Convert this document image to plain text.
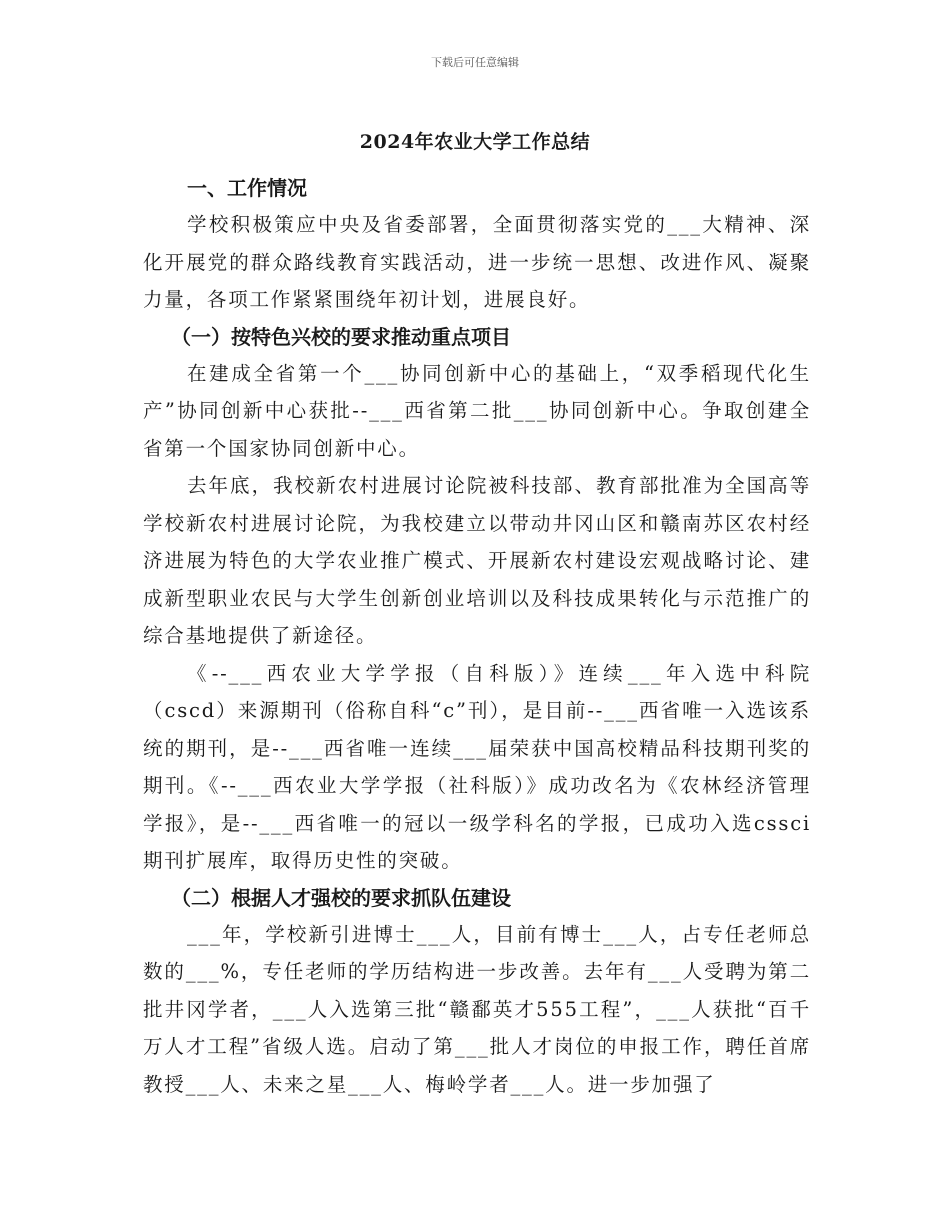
下载后可任意编辑
2024年农业大学工作总结

一、工作情况

学校积极策应中央及省委部署，全面贯彻落实党的___大精神、深化开展党的群众路线教育实践活动，进一步统一思想、改进作风、凝聚力量，各项工作紧紧围绕年初计划，进展良好。

（一）按特色兴校的要求推动重点项目

在建成全省第一个___协同创新中心的基础上，“双季稻现代化生产”协同创新中心获批--___西省第二批___协同创新中心。争取创建全省第一个国家协同创新中心。

去年底，我校新农村进展讨论院被科技部、教育部批准为全国高等学校新农村进展讨论院，为我校建立以带动井冈山区和赣南苏区农村经济进展为特色的大学农业推广模式、开展新农村建设宏观战略讨论、建成新型职业农民与大学生创新创业培训以及科技成果转化与示范推广的综合基地提供了新途径。

《--___西农业大学学报（自科版）》连续___年入选中科院（cscd）来源期刊（俗称自科“c”刊），是目前--___西省唯一入选该系统的期刊，是--___西省唯一连续___届荣获中国高校精品科技期刊奖的期刊。《--___西农业大学学报（社科版）》成功改名为《农林经济管理学报》，是--___西省唯一的冠以一级学科名的学报，已成功入选cssci期刊扩展库，取得历史性的突破。

（二）根据人才强校的要求抓队伍建设

___年，学校新引进博士___人，目前有博士___人，占专任老师总数的___%，专任老师的学历结构进一步改善。去年有___人受聘为第二批井冈学者，___人入选第三批“赣鄱英才555工程”，___人获批“百千万人才工程”省级人选。启动了第___批人才岗位的申报工作，聘任首席教授___人、未来之星___人、梅岭学者___人。进一步加强了
